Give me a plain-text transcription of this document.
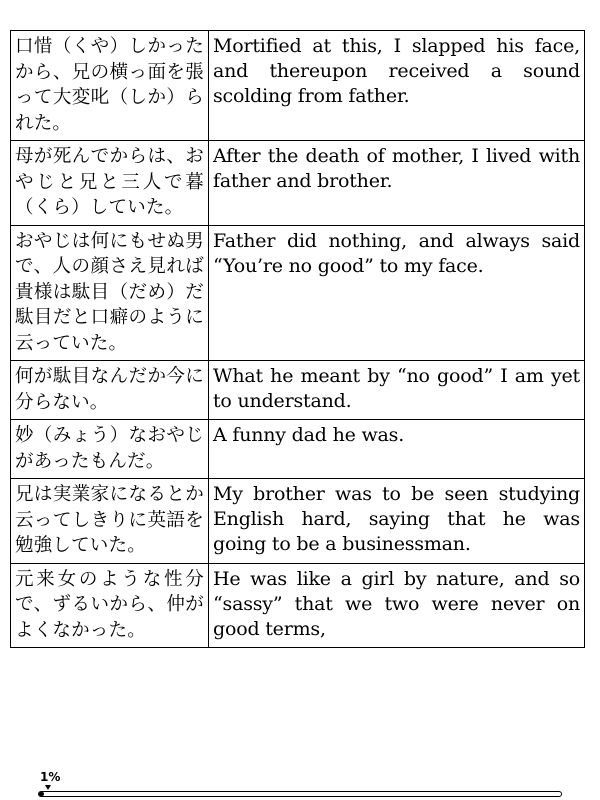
口惜（くや）しかったから、兄の横っ面を張って大変叱（しか）られた。	Mortified at this, I slapped his face, and thereupon received a sound scolding from father.
母が死んでからは、おやじと兄と三人で暮（くら）していた。	After the death of mother, I lived with father and brother.
おやじは何にもせぬ男で、人の顔さえ見れば貴様は駄目（だめ）だ駄目だと口癖のように云っていた。	Father did nothing, and always said “You’re no good” to my face.
何が駄目なんだか今に分らない。	What he meant by “no good” I am yet to understand.
妙（みょう）なおやじがあったもんだ。	A funny dad he was.
兄は実業家になるとか云ってしきりに英語を勉強していた。	My brother was to be seen studying English hard, saying that he was going to be a businessman.
元来女のような性分で、ずるいから、仲がよくなかった。	He was like a girl by nature, and so “sassy” that we two were never on good terms,
1%
